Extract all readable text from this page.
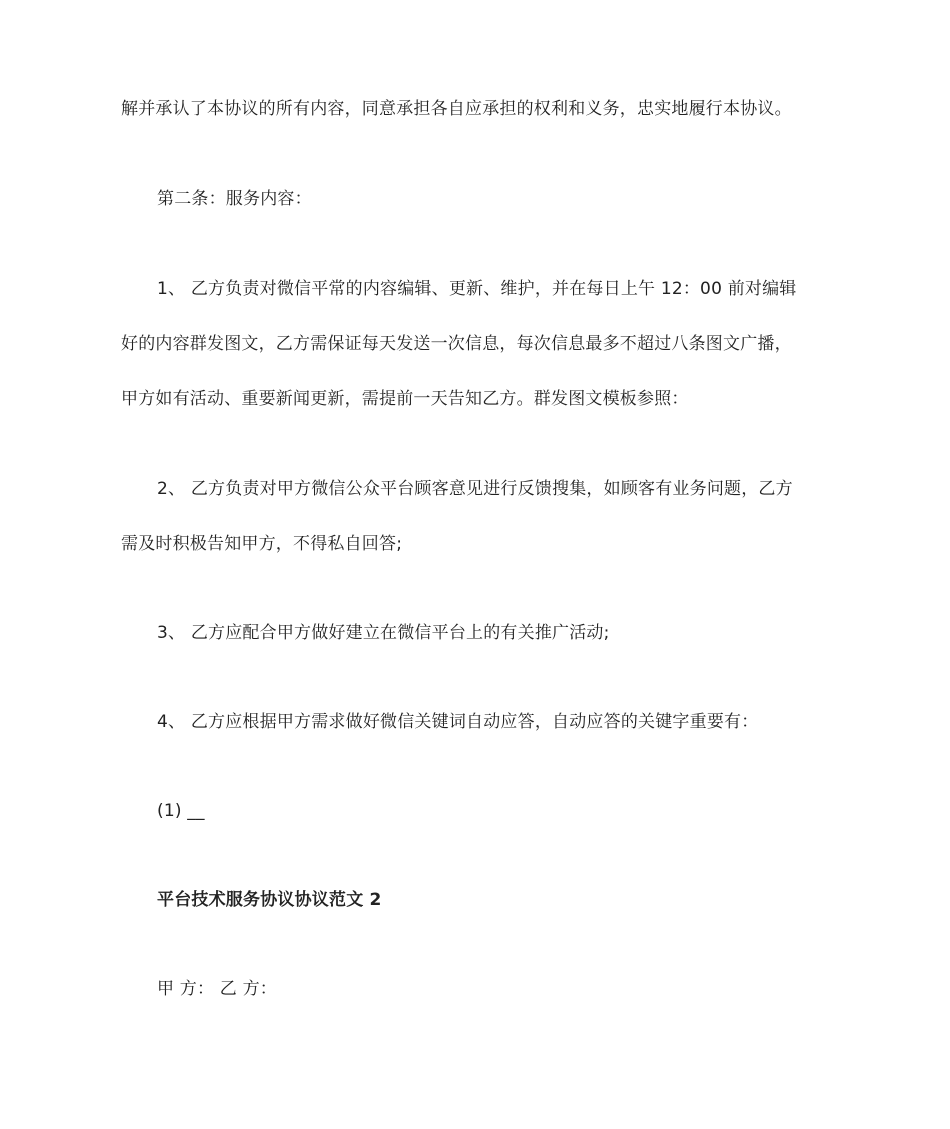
解并承认了本协议的所有内容，同意承担各自应承担的权利和义务，忠实地履行本协议。
第二条：服务内容：
1、 乙方负责对微信平常的内容编辑、更新、维护，并在每日上午 12：00 前对编辑
好的内容群发图文，乙方需保证每天发送一次信息，每次信息最多不超过八条图文广播，
甲方如有活动、重要新闻更新，需提前一天告知乙方。群发图文模板参照：
2、 乙方负责对甲方微信公众平台顾客意见进行反馈搜集，如顾客有业务问题，乙方
需及时积极告知甲方，不得私自回答;
3、 乙方应配合甲方做好建立在微信平台上的有关推广活动;
4、 乙方应根据甲方需求做好微信关键词自动应答，自动应答的关键字重要有：
(1) __
平台技术服务协议协议范文 2
甲 方： 乙 方：
